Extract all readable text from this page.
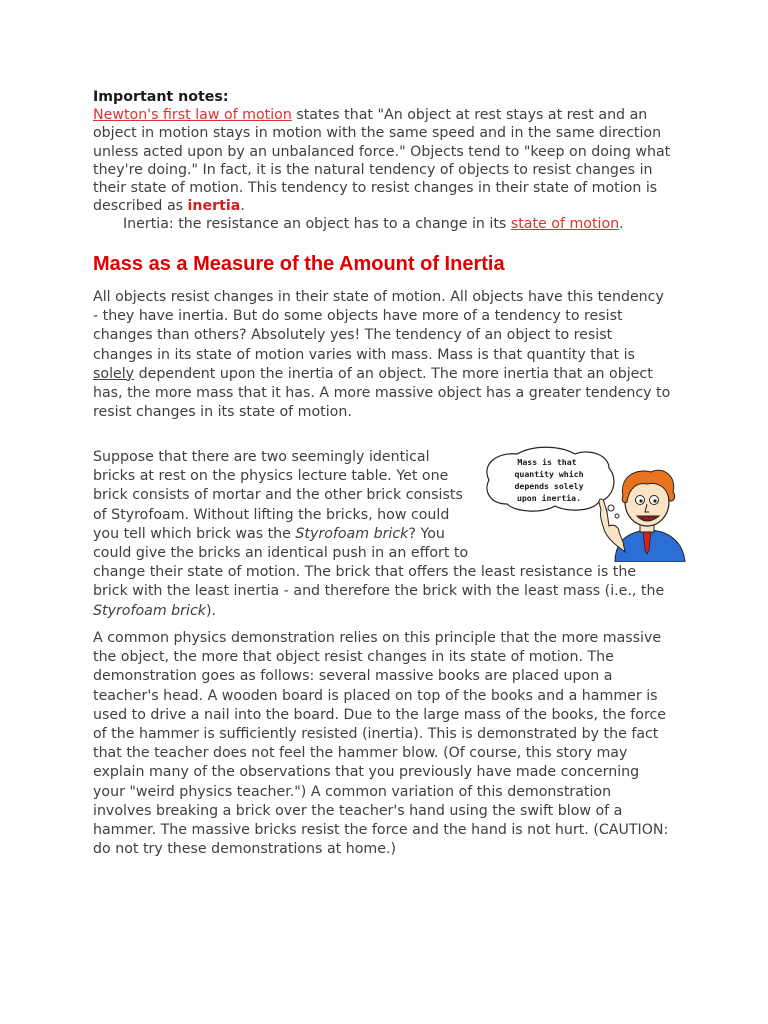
Important notes:
Newton's first law of motion states that "An object at rest stays at rest and an object in motion stays in motion with the same speed and in the same direction unless acted upon by an unbalanced force." Objects tend to "keep on doing what they're doing." In fact, it is the natural tendency of objects to resist changes in their state of motion. This tendency to resist changes in their state of motion is described as inertia.
Inertia: the resistance an object has to a change in its state of motion.
Mass as a Measure of the Amount of Inertia

All objects resist changes in their state of motion. All objects have this tendency - they have inertia. But do some objects have more of a tendency to resist changes than others? Absolutely yes! The tendency of an object to resist changes in its state of motion varies with mass. Mass is that quantity that is solely dependent upon the inertia of an object. The more inertia that an object has, the more mass that it has. A more massive object has a greater tendency to resist changes in its state of motion.

Mass is that
quantity which
depends solely
upon inertia.
Suppose that there are two seemingly identical bricks at rest on the physics lecture table. Yet one brick consists of mortar and the other brick consists of Styrofoam. Without lifting the bricks, how could you tell which brick was the Styrofoam brick? You could give the bricks an identical push in an effort to change their state of motion. The brick that offers the least resistance is the brick with the least inertia - and therefore the brick with the least mass (i.e., the Styrofoam brick).

A common physics demonstration relies on this principle that the more massive the object, the more that object resist changes in its state of motion. The demonstration goes as follows: several massive books are placed upon a teacher's head. A wooden board is placed on top of the books and a hammer is used to drive a nail into the board. Due to the large mass of the books, the force of the hammer is sufficiently resisted (inertia). This is demonstrated by the fact that the teacher does not feel the hammer blow. (Of course, this story may explain many of the observations that you previously have made concerning your "weird physics teacher.") A common variation of this demonstration involves breaking a brick over the teacher's hand using the swift blow of a hammer. The massive bricks resist the force and the hand is not hurt. (CAUTION: do not try these demonstrations at home.)
